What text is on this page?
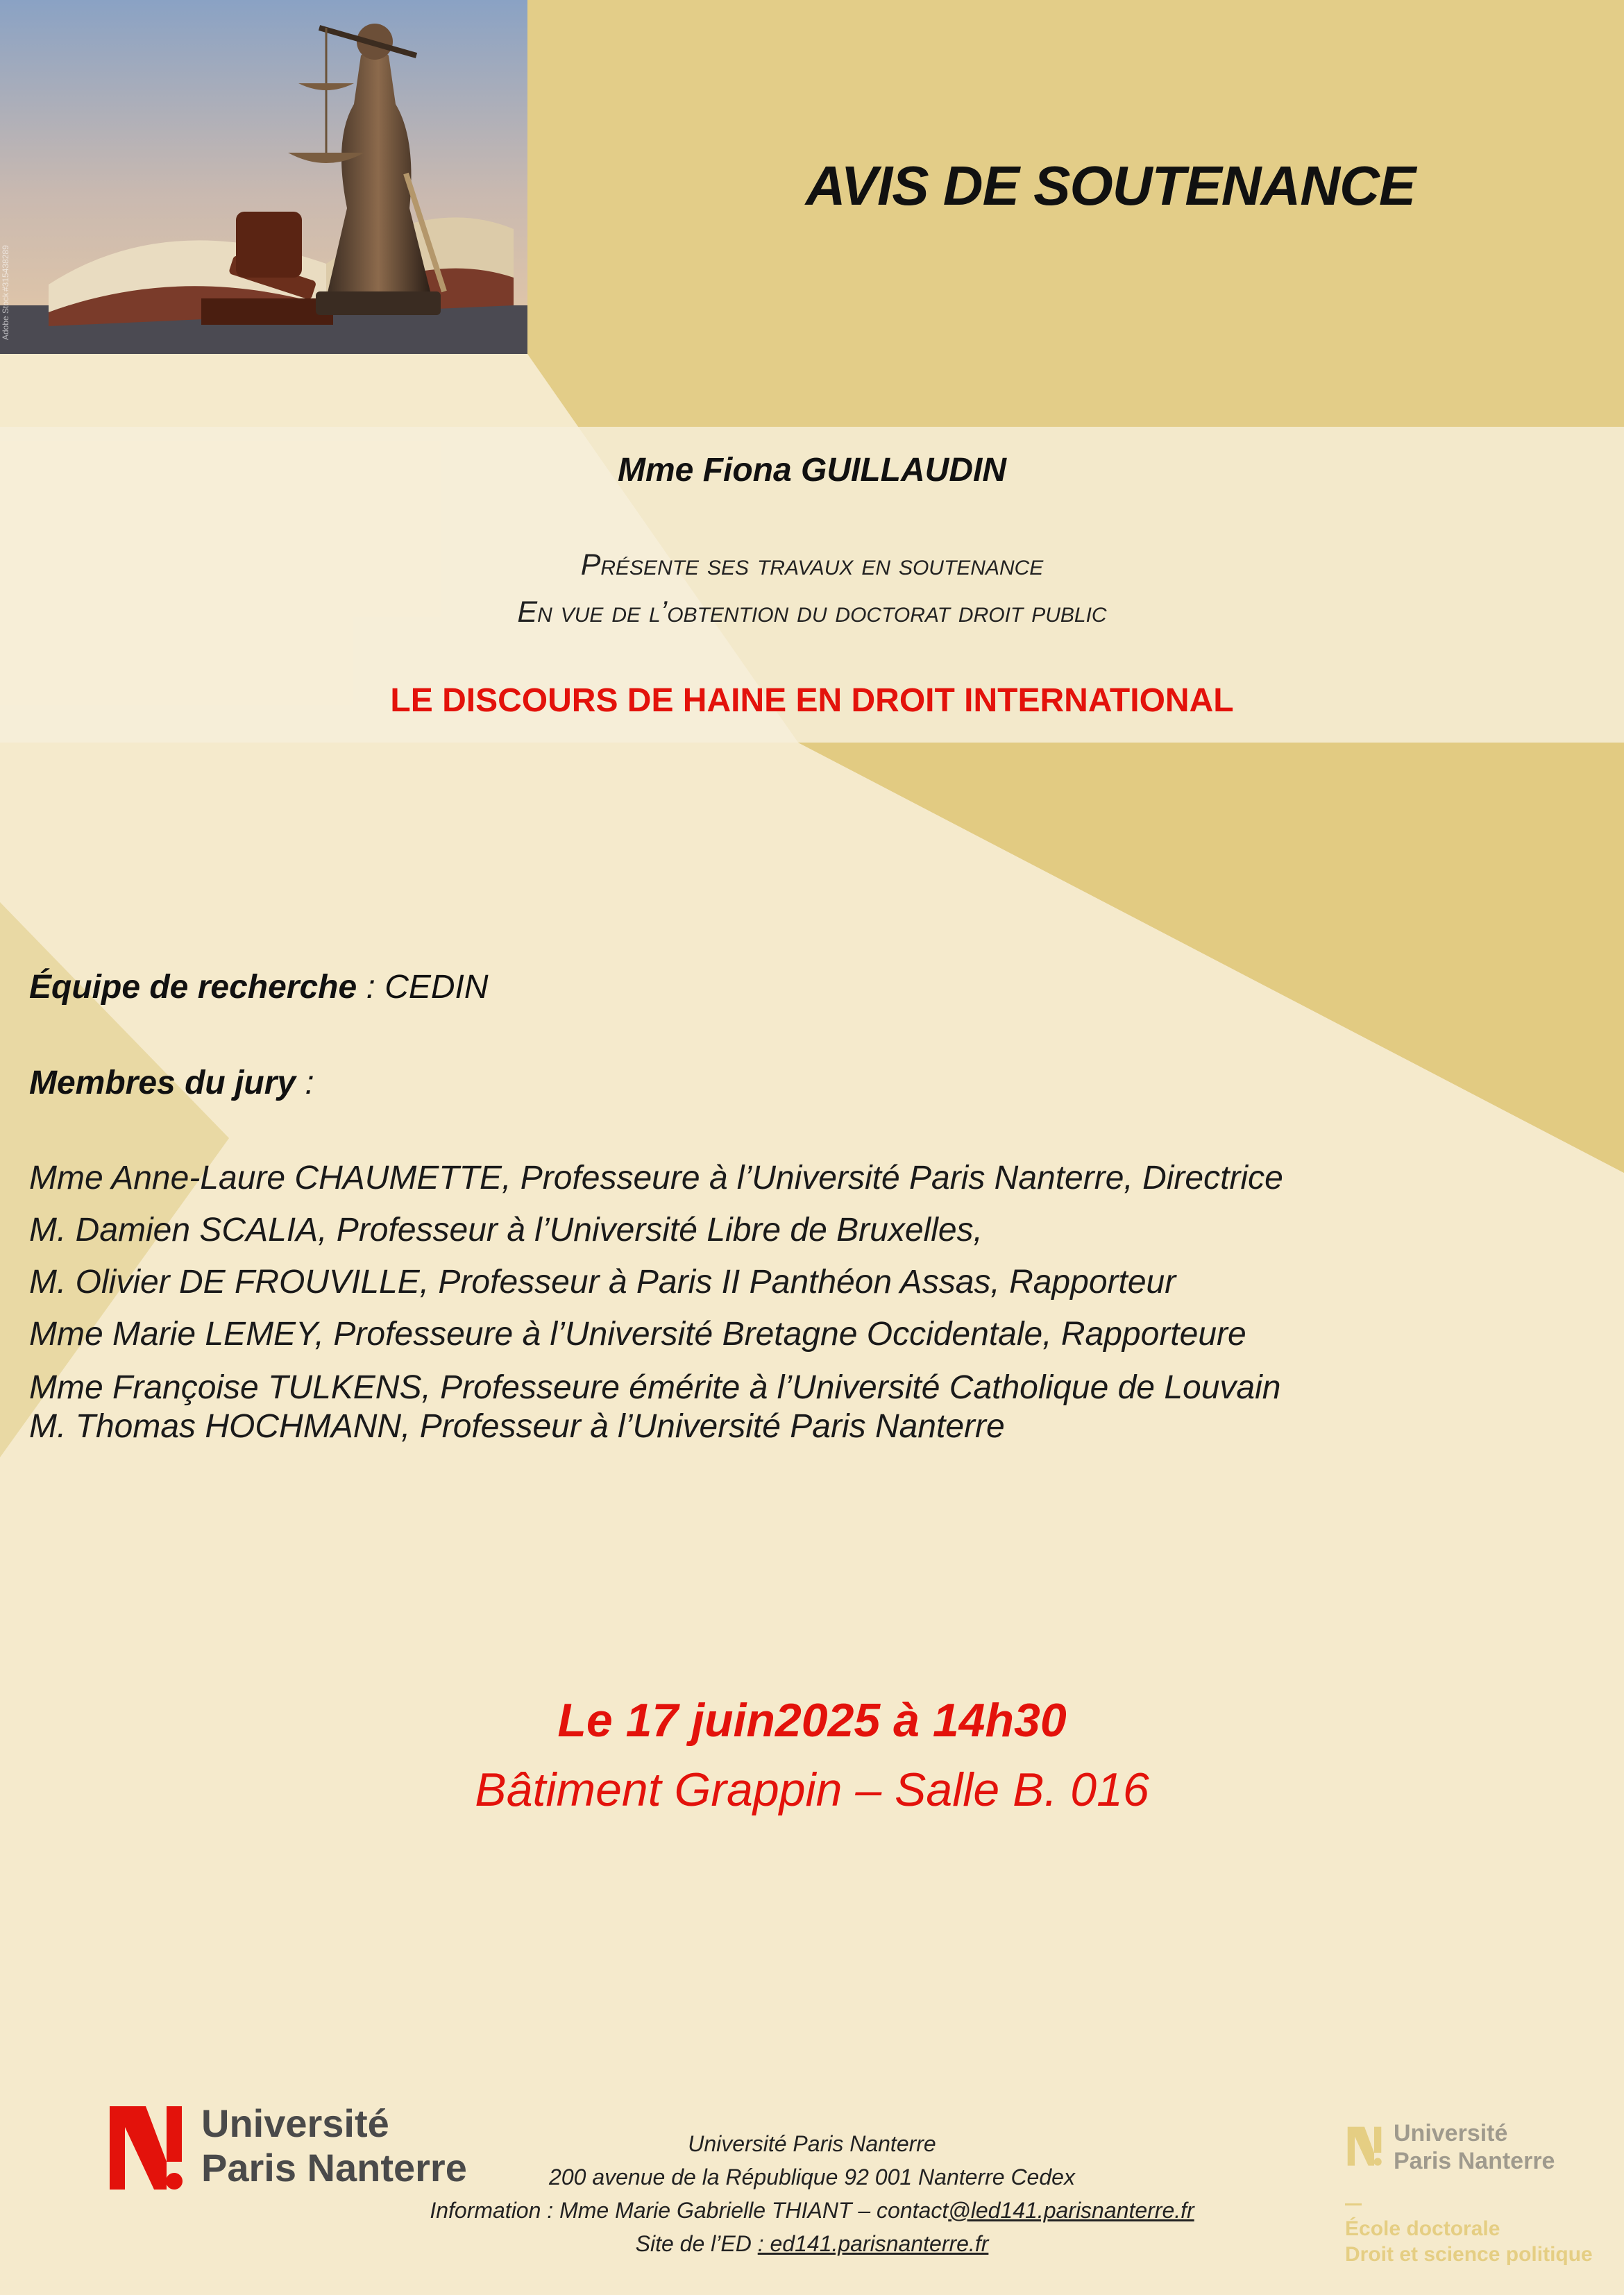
Adobe Stock
#315438289
AVIS DE SOUTENANCE
Mme Fiona GUILLAUDIN
Présente ses travaux en soutenance
En vue de l’obtention du doctorat droit public
LE DISCOURS DE HAINE EN DROIT INTERNATIONAL
Équipe de recherche : CEDIN
Membres du jury :
Mme Anne-Laure CHAUMETTE, Professeure à l’Université Paris Nanterre, Directrice
M. Damien SCALIA, Professeur à l’Université Libre de Bruxelles,
M. Olivier DE FROUVILLE, Professeur à Paris II Panthéon Assas, Rapporteur
Mme Marie LEMEY, Professeure à l’Université Bretagne Occidentale, Rapporteure
Mme Françoise TULKENS, Professeure émérite à l’Université Catholique de Louvain
M. Thomas HOCHMANN, Professeur à l’Université Paris Nanterre
Le 17 juin2025 à 14h30
Bâtiment Grappin – Salle B. 016
Université
Paris Nanterre
Université Paris Nanterre
200 avenue de la République 92 001 Nanterre Cedex
Information : Mme Marie Gabrielle THIANT – contact@led141.parisnanterre.fr
Site de l’ED : ed141.parisnanterre.fr
Université
Paris Nanterre
École doctorale
Droit et science politique
